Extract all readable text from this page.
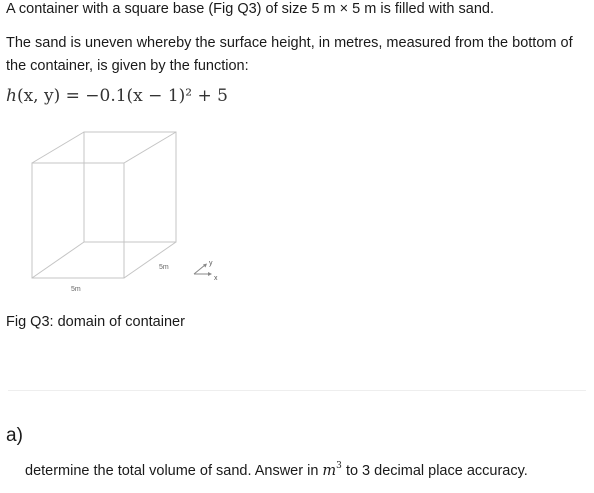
A container with a square base (Fig Q3) of size 5 m × 5 m is filled with sand.
The sand is uneven whereby the surface height, in metres, measured from the bottom of the container, is given by the function:
h(x, y) = −0.1(x − 1)² + 5
5m
5m
y
x
Fig Q3: domain of container
a)
determine the total volume of sand. Answer in $m^3$ to 3 decimal place accuracy.
